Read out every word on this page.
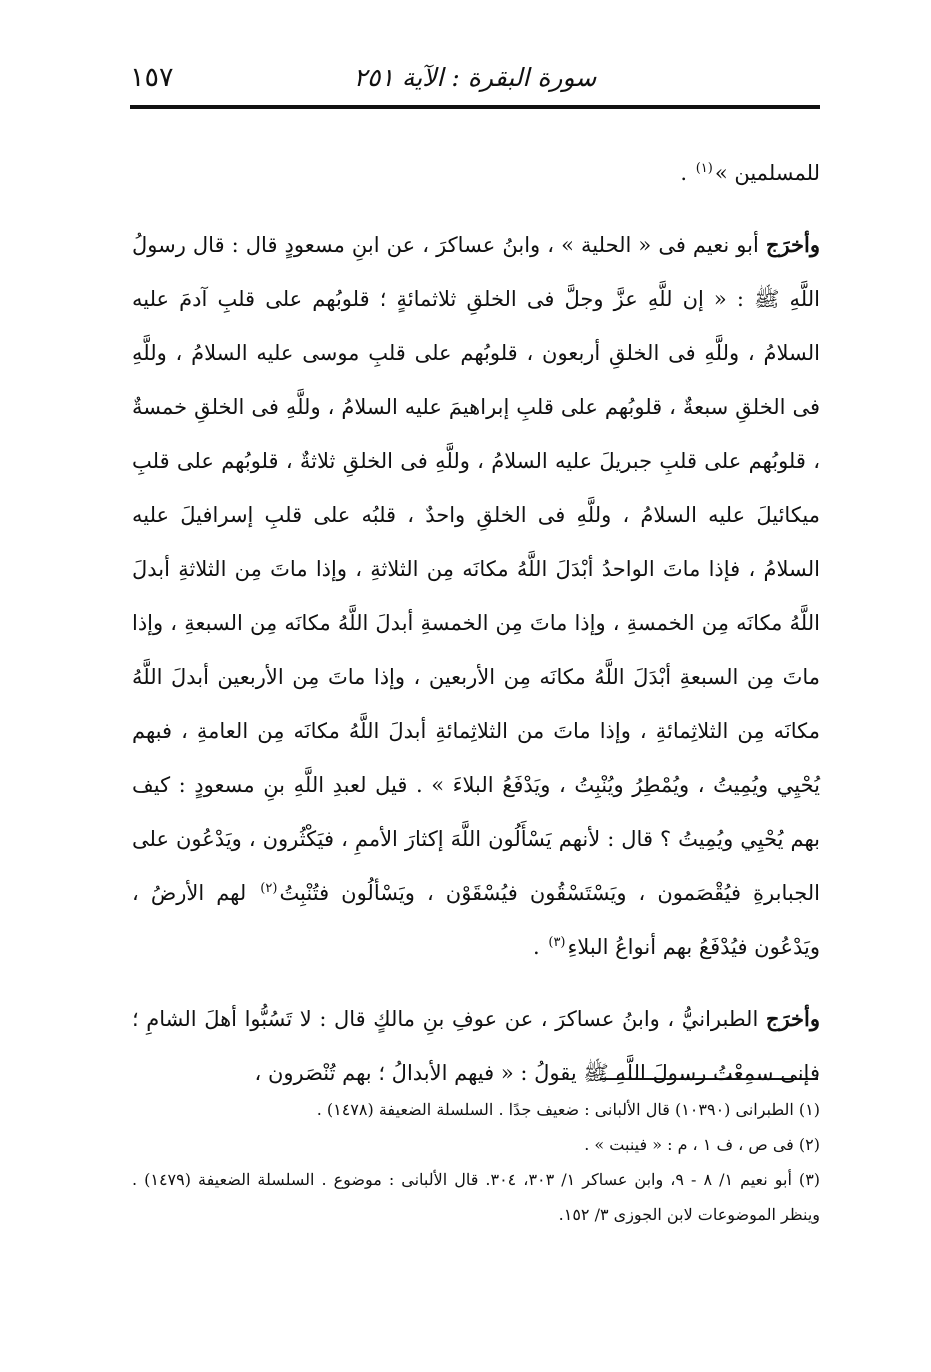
سورة البقرة : الآية ٢٥١
١٥٧

للمسلمين »$^{(١)}$ .

وأخرَج أبو نعيم فى « الحلية » ، وابنُ عساكرَ ، عن ابنِ مسعودٍ قال : قال رسولُ اللَّهِ ﷺ : « إن للَّهِ عزَّ وجلَّ فى الخلقِ ثلاثمائةٍ ؛ قلوبُهم على قلبِ آدمَ عليه السلامُ ، وللَّهِ فى الخلقِ أربعون ، قلوبُهم على قلبِ موسى عليه السلامُ ، وللَّهِ فى الخلقِ سبعةٌ ، قلوبُهم على قلبِ إبراهيمَ عليه السلامُ ، وللَّهِ فى الخلقِ خمسةٌ ، قلوبُهم على قلبِ جبريلَ عليه السلامُ ، وللَّهِ فى الخلقِ ثلاثةٌ ، قلوبُهم على قلبِ ميكائيلَ عليه السلامُ ، وللَّهِ فى الخلقِ واحدٌ ، قلبُه على قلبِ إسرافيلَ عليه السلامُ ، فإذا ماتَ الواحدُ أبْدَلَ اللَّهُ مكانَه مِن الثلاثةِ ، وإذا ماتَ مِن الثلاثةِ أبدلَ اللَّهُ مكانَه مِن الخمسةِ ، وإذا ماتَ مِن الخمسةِ أبدلَ اللَّهُ مكانَه مِن السبعةِ ، وإذا ماتَ مِن السبعةِ أبْدَلَ اللَّهُ مكانَه مِن الأربعين ، وإذا ماتَ مِن الأربعين أبدلَ اللَّهُ مكانَه مِن الثلاثِمائةِ ، وإذا ماتَ من الثلاثِمائةِ أبدلَ اللَّهُ مكانَه مِن العامةِ ، فبهم يُحْيِي ويُمِيتُ ، ويُمْطِرُ ويُنْبِتُ ، ويَدْفَعُ البلاءَ » . قيل لعبدِ اللَّهِ بنِ مسعودٍ : كيف بهم يُحْيِي ويُمِيتُ ؟ قال : لأنهم يَسْأَلُون اللَّهَ إكثارَ الأممِ ، فيَكْثُرون ، ويَدْعُون على الجبابرةِ فيُقْصَمون ، ويَسْتَسْقُون فيُسْقَوْن ، ويَسْألُون فتُنْبِتُ$^{(٢)}$ لهم الأرضُ ، ويَدْعُون فيُدْفَعُ بهم أنواعُ البلاءِ$^{(٣)}$ .

وأخرَج الطبرانيُّ ، وابنُ عساكرَ ، عن عوفِ بنِ مالكٍ قال : لا تَسُبُّوا أهلَ الشامِ ؛ فإنى سمِعْتُ رسولَ اللَّهِ ﷺ يقولُ : « فيهم الأبدالُ ؛ بهم تُنْصَرون ،

(١) الطبرانى (١٠٣٩٠) قال الألبانى : ضعيف جدًا . السلسلة الضعيفة (١٤٧٨) .

(٢) فى ص ، ف ١ ، م : « فينبت » .

(٣) أبو نعيم ١/ ٨ - ٩، وابن عساكر ١/ ٣٠٣، ٣٠٤. قال الألبانى : موضوع . السلسلة الضعيفة (١٤٧٩) . وينظر الموضوعات لابن الجوزى ٣/ ١٥٢.
